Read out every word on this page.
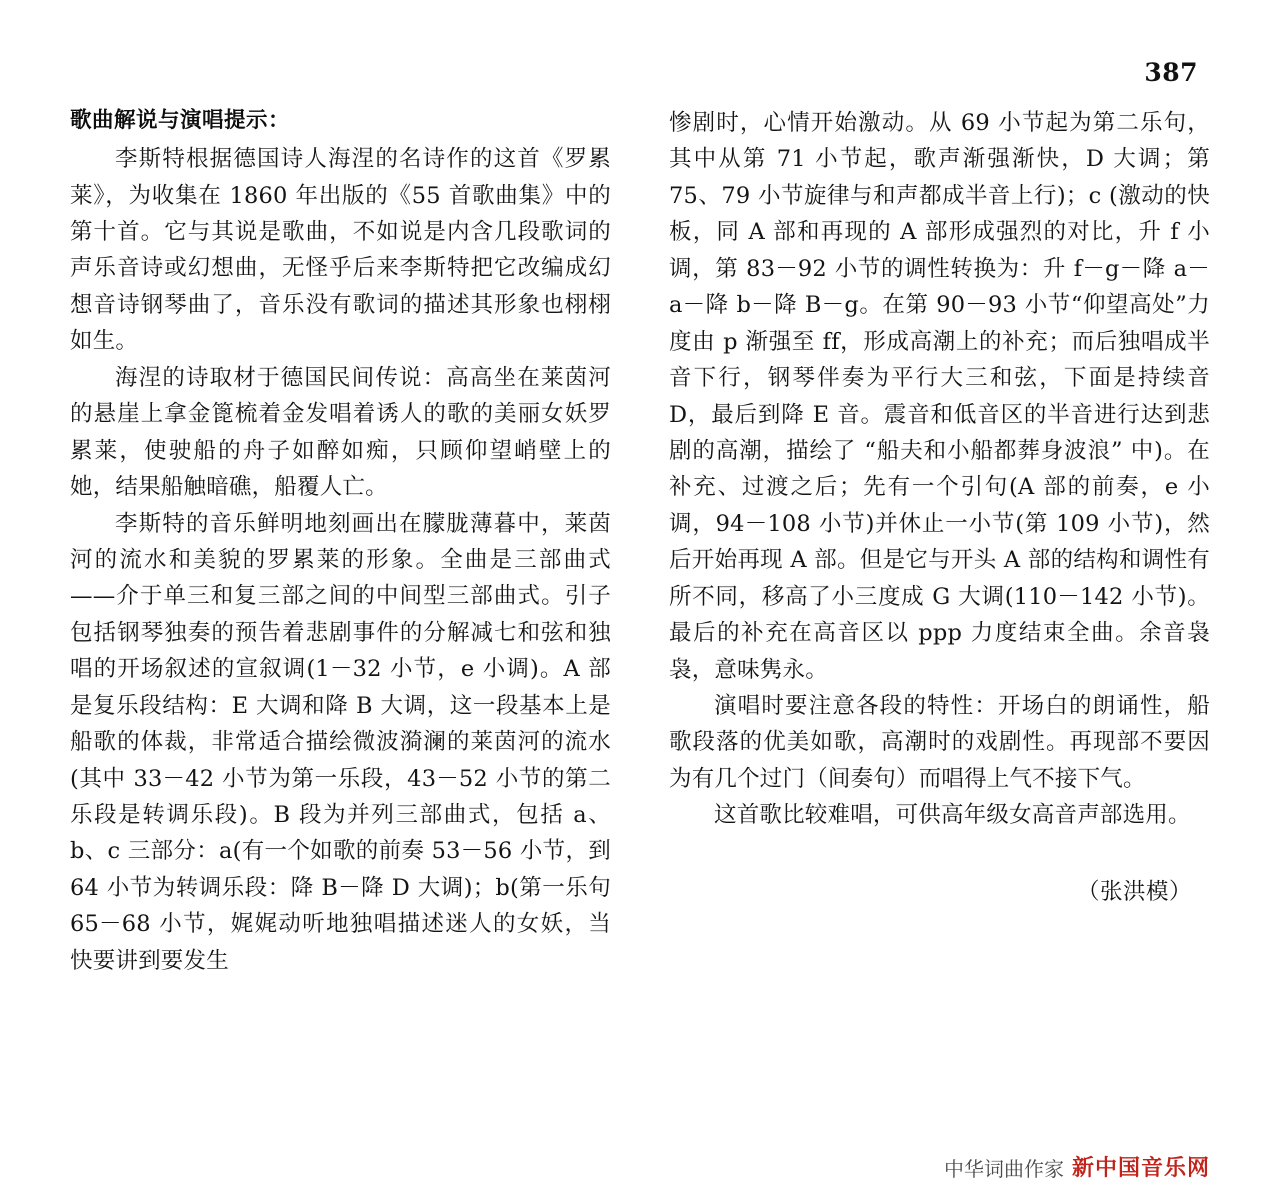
387
歌曲解说与演唱提示：

李斯特根据德国诗人海涅的名诗作的这首《罗累莱》，为收集在 1860 年出版的《55 首歌曲集》中的第十首。它与其说是歌曲，不如说是内含几段歌词的声乐音诗或幻想曲，无怪乎后来李斯特把它改编成幻想音诗钢琴曲了，音乐没有歌词的描述其形象也栩栩如生。

海涅的诗取材于德国民间传说：高高坐在莱茵河的悬崖上拿金篦梳着金发唱着诱人的歌的美丽女妖罗累莱，使驶船的舟子如醉如痴，只顾仰望峭壁上的她，结果船触暗礁，船覆人亡。

李斯特的音乐鲜明地刻画出在朦胧薄暮中，莱茵河的流水和美貌的罗累莱的形象。全曲是三部曲式——介于单三和复三部之间的中间型三部曲式。引子包括钢琴独奏的预告着悲剧事件的分解减七和弦和独唱的开场叙述的宣叙调(1－32 小节，e 小调)。A 部是复乐段结构：E 大调和降 B 大调，这一段基本上是船歌的体裁，非常适合描绘微波漪澜的莱茵河的流水(其中 33－42 小节为第一乐段，43－52 小节的第二乐段是转调乐段)。B 段为并列三部曲式，包括 a、b、c 三部分：a(有一个如歌的前奏 53－56 小节，到 64 小节为转调乐段：降 B－降 D 大调)；b(第一乐句 65－68 小节，娓娓动听地独唱描述迷人的女妖，当快要讲到要发生

惨剧时，心情开始激动。从 69 小节起为第二乐句，其中从第 71 小节起，歌声渐强渐快，D 大调；第 75、79 小节旋律与和声都成半音上行)；c (激动的快板，同 A 部和再现的 A 部形成强烈的对比，升 f 小调，第 83－92 小节的调性转换为：升 f－g－降 a－a－降 b－降 B－g。在第 90－93 小节“仰望高处”力度由 p 渐强至 ff，形成高潮上的补充；而后独唱成半音下行，钢琴伴奏为平行大三和弦，下面是持续音 D，最后到降 E 音。震音和低音区的半音进行达到悲剧的高潮，描绘了 “船夫和小船都葬身波浪” 中)。在补充、过渡之后；先有一个引句(A 部的前奏，e 小调，94－108 小节)并休止一小节(第 109 小节)，然后开始再现 A 部。但是它与开头 A 部的结构和调性有所不同，移高了小三度成 G 大调(110－142 小节)。最后的补充在高音区以 ppp 力度结束全曲。余音袅袅，意味隽永。

演唱时要注意各段的特性：开场白的朗诵性，船歌段落的优美如歌，高潮时的戏剧性。再现部不要因为有几个过门（间奏句）而唱得上气不接下气。

这首歌比较难唱，可供高年级女高音声部选用。

（张洪模）
中华词曲作家 新中国音乐网
